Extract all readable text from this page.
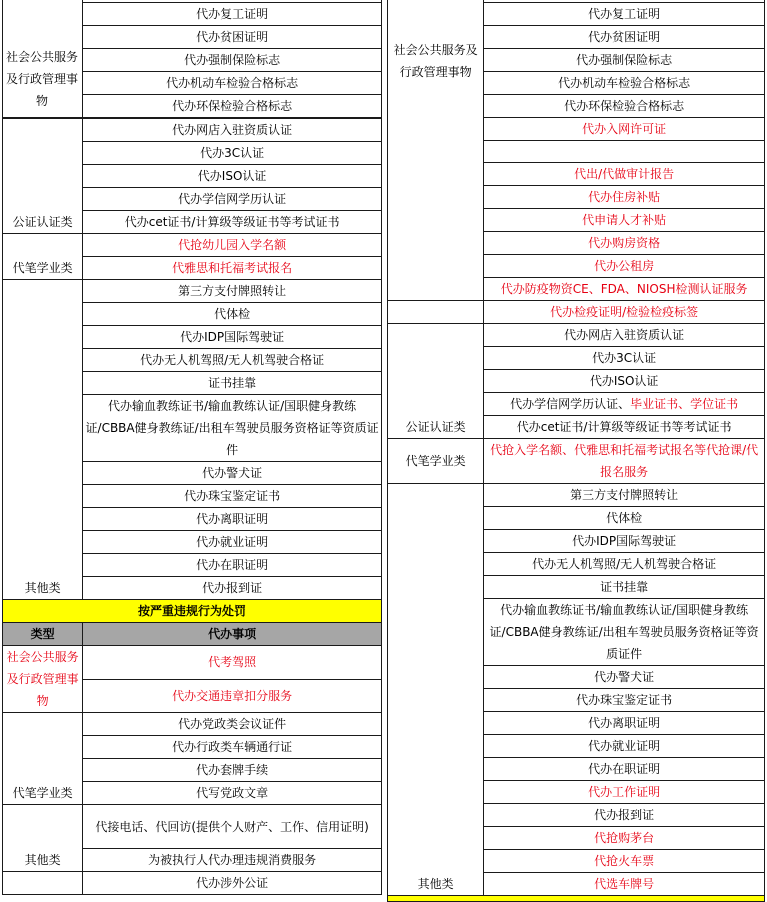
代办复工证明
代办贫困证明
代办强制保险标志
代办机动车检验合格标志
代办环保检验合格标志
社会公共服务及行政管理事物
公证认证类	代办网店入驻资质认证
	代办3C认证
	代办ISO认证
	代办学信网学历认证
	代办cet证书/计算级等级证书等考试证书
代笔学业类	代抢幼儿园入学名额
	代雅思和托福考试报名
其他类	第三方支付牌照转让
	代体检
	代办IDP国际驾驶证
	代办无人机驾照/无人机驾驶合格证
	证书挂靠
	代办输血教练证书/输血教练认证/国职健身教练证/CBBA健身教练证/出租车驾驶员服务资格证等资质证件
	代办警犬证
	代办珠宝鉴定证书
	代办离职证明
	代办就业证明
	代办在职证明
	代办报到证
按严重违规行为处罚	
类型	代办事项
社会公共服务及行政管理事物	代考驾照
	代办交通违章扣分服务
代笔学业类	代办党政类会议证件
	代办行政类车辆通行证
	代办套牌手续
	代写党政文章
其他类	代接电话、代回访(提供个人财产、工作、信用证明)
	为被执行人代办理违规消费服务
	代办涉外公证
社会公共服务及行政管理事物	
	代办复工证明
	代办贫困证明
	代办强制保险标志
	代办机动车检验合格标志
	代办环保检验合格标志
	代办入网许可证

	代出/代做审计报告
	代办住房补贴
	代申请人才补贴
	代办购房资格
	代办公租房
	代办防疫物资CE、FDA、NIOSH检测认证服务
	代办检疫证明/检验检疫标签
公证认证类	代办网店入驻资质认证
	代办3C认证
	代办ISO认证
	代办学信网学历认证、毕业证书、学位证书
	代办cet证书/计算级等级证书等考试证书
代笔学业类	代抢入学名额、代雅思和托福考试报名等代抢课/代报名服务
其他类	第三方支付牌照转让
	代体检
	代办IDP国际驾驶证
	代办无人机驾照/无人机驾驶合格证
	证书挂靠
	代办输血教练证书/输血教练认证/国职健身教练证/CBBA健身教练证/出租车驾驶员服务资格证等资质证件
	代办警犬证
	代办珠宝鉴定证书
	代办离职证明
	代办就业证明
	代办在职证明
	代办工作证明
	代办报到证
	代抢购茅台
	代抢火车票
	代选车牌号
